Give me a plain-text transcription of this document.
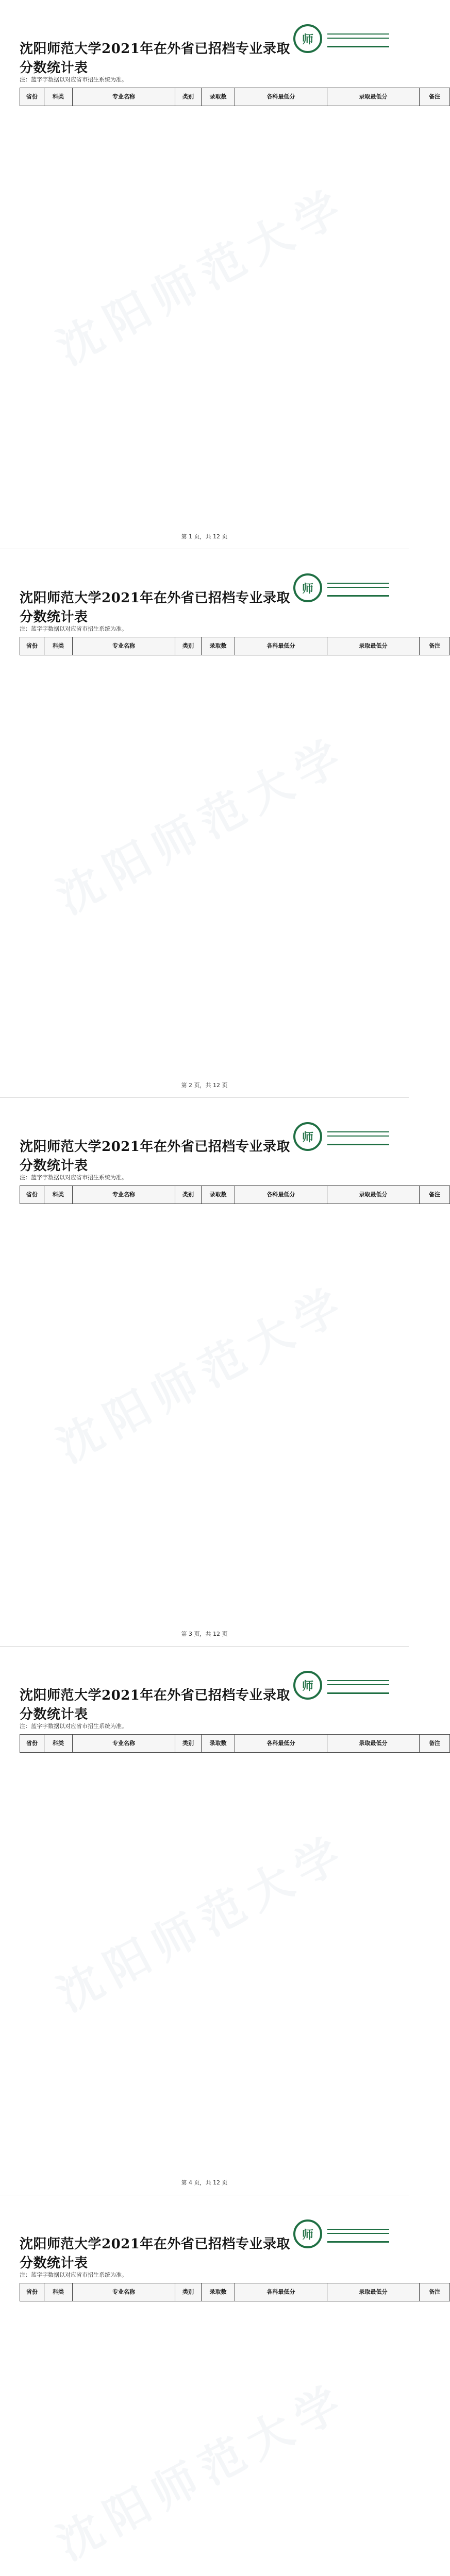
沈阳师范大学
沈阳师范大学2021年在外省已招档专业录取分数统计表
师
注：蓝字字数据以对应省市招生系统为准。
省份	科类	专业名称	类别	录取数	各科最低分	录取最低分	备注
第 1 页，共 12 页
沈阳师范大学
沈阳师范大学2021年在外省已招档专业录取分数统计表
师
注：蓝字字数据以对应省市招生系统为准。
省份	科类	专业名称	类别	录取数	各科最低分	录取最低分	备注
第 2 页，共 12 页
沈阳师范大学
沈阳师范大学2021年在外省已招档专业录取分数统计表
师
注：蓝字字数据以对应省市招生系统为准。
省份	科类	专业名称	类别	录取数	各科最低分	录取最低分	备注
第 3 页，共 12 页
沈阳师范大学
沈阳师范大学2021年在外省已招档专业录取分数统计表
师
注：蓝字字数据以对应省市招生系统为准。
省份	科类	专业名称	类别	录取数	各科最低分	录取最低分	备注
第 4 页，共 12 页
沈阳师范大学
沈阳师范大学2021年在外省已招档专业录取分数统计表
师
注：蓝字字数据以对应省市招生系统为准。
省份	科类	专业名称	类别	录取数	各科最低分	录取最低分	备注
